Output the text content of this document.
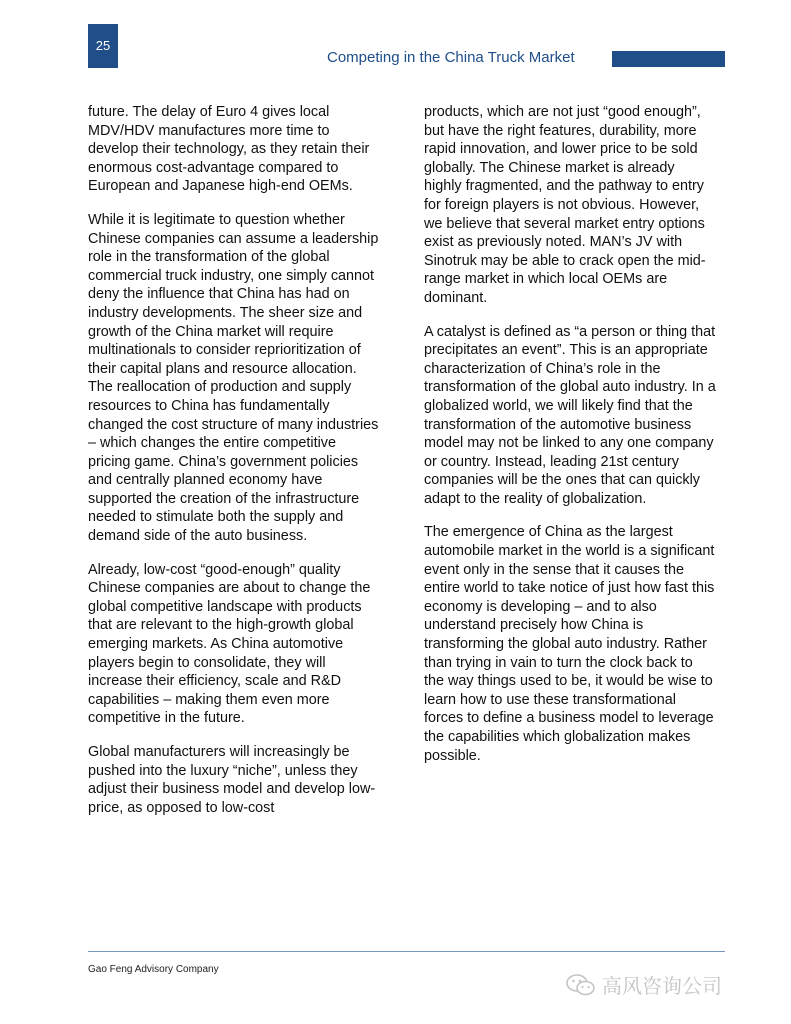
25
Competing in the China Truck Market

future. The delay of Euro 4 gives local MDV/HDV manufactures more time to develop their technology, as they retain their enormous cost-advantage compared to European and Japanese high-end OEMs.

While it is legitimate to question whether Chinese companies can assume a leadership role in the transformation of the global commercial truck industry, one simply cannot deny the influence that China has had on industry developments. The sheer size and growth of the China market will require multinationals to consider reprioritization of their capital plans and resource allocation. The reallocation of production and supply resources to China has fundamentally changed the cost structure of many industries – which changes the entire competitive pricing game. China’s government policies and centrally planned economy have supported the creation of the infrastructure needed to stimulate both the supply and demand side of the auto business.

Already, low-cost “good-enough” quality Chinese companies are about to change the global competitive landscape with products that are relevant to the high-growth global emerging markets. As China automotive players begin to consolidate, they will increase their efficiency, scale and R&D capabilities – making them even more competitive in the future.

Global manufacturers will increasingly be pushed into the luxury “niche”, unless they adjust their business model and develop low-price, as opposed to low-cost

products, which are not just “good enough”, but have the right features, durability, more rapid innovation, and lower price to be sold globally. The Chinese market is already highly fragmented, and the pathway to entry for foreign players is not obvious. However, we believe that several market entry options exist as previously noted. MAN’s JV with Sinotruk may be able to crack open the mid-range market in which local OEMs are dominant.

A catalyst is defined as “a person or thing that precipitates an event”. This is an appropriate characterization of China’s role in the transformation of the global auto industry. In a globalized world, we will likely find that the transformation of the automotive business model may not be linked to any one company or country. Instead, leading 21st century companies will be the ones that can quickly adapt to the reality of globalization.

The emergence of China as the largest automobile market in the world is a significant event only in the sense that it causes the entire world to take notice of just how fast this economy is developing – and to also understand precisely how China is transforming the global auto industry. Rather than trying in vain to turn the clock back to the way things used to be, it would be wise to learn how to use these transformational forces to define a business model to leverage the capabilities which globalization makes possible.

Gao Feng Advisory Company
高风咨询公司
